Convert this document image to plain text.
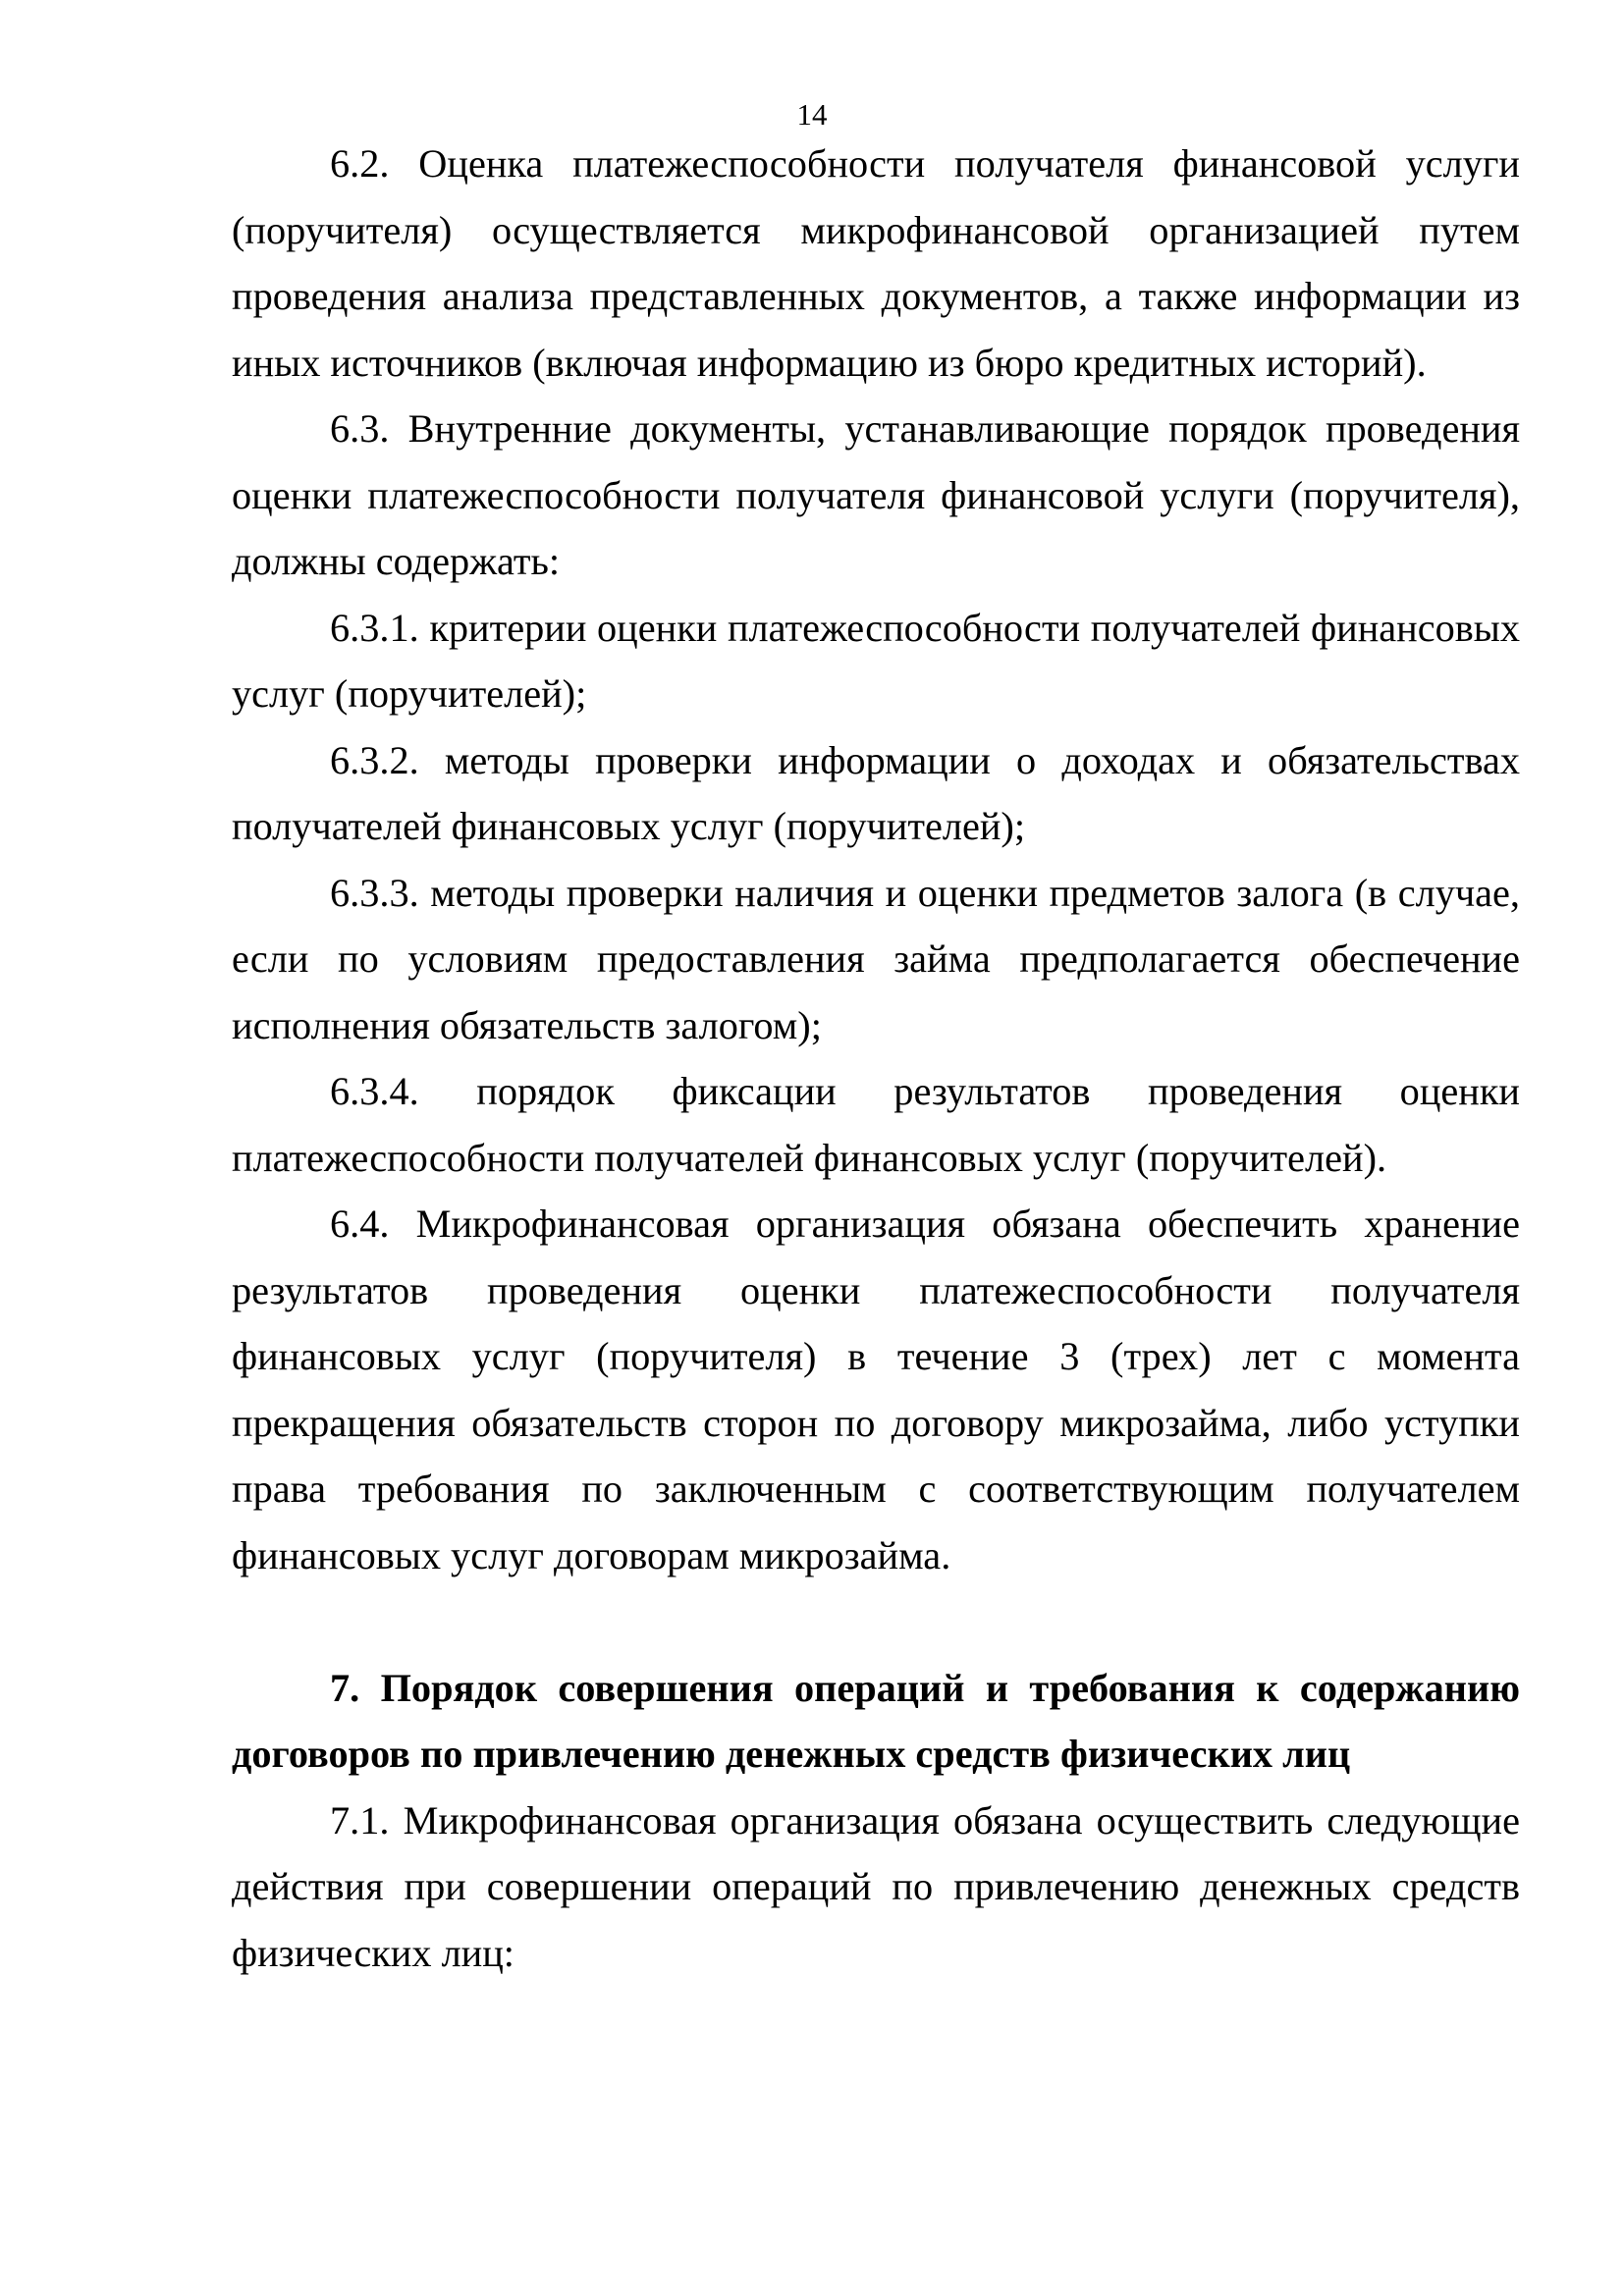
14

6.2. Оценка платежеспособности получателя финансовой услуги (поручителя) осуществляется микрофинансовой организацией путем проведения анализа представленных документов, а также информации из иных источников (включая информацию из бюро кредитных историй).

6.3. Внутренние документы, устанавливающие порядок проведения оценки платежеспособности получателя финансовой услуги (поручителя), должны содержать:

6.3.1. критерии оценки платежеспособности получателей финансовых услуг (поручителей);

6.3.2. методы проверки информации о доходах и обязательствах получателей финансовых услуг (поручителей);

6.3.3. методы проверки наличия и оценки предметов залога (в случае, если по условиям предоставления займа предполагается обеспечение исполнения обязательств залогом);

6.3.4. порядок фиксации результатов проведения оценки платежеспособности получателей финансовых услуг (поручителей).

6.4. Микрофинансовая организация обязана обеспечить хранение результатов проведения оценки платежеспособности получателя финансовых услуг (поручителя) в течение 3 (трех) лет с момента прекращения обязательств сторон по договору микрозайма, либо уступки права требования по заключенным с соответствующим получателем финансовых услуг договорам микрозайма.

7. Порядок совершения операций и требования к содержанию договоров по привлечению денежных средств физических лиц

7.1. Микрофинансовая организация обязана осуществить следующие действия при совершении операций по привлечению денежных средств физических лиц:
